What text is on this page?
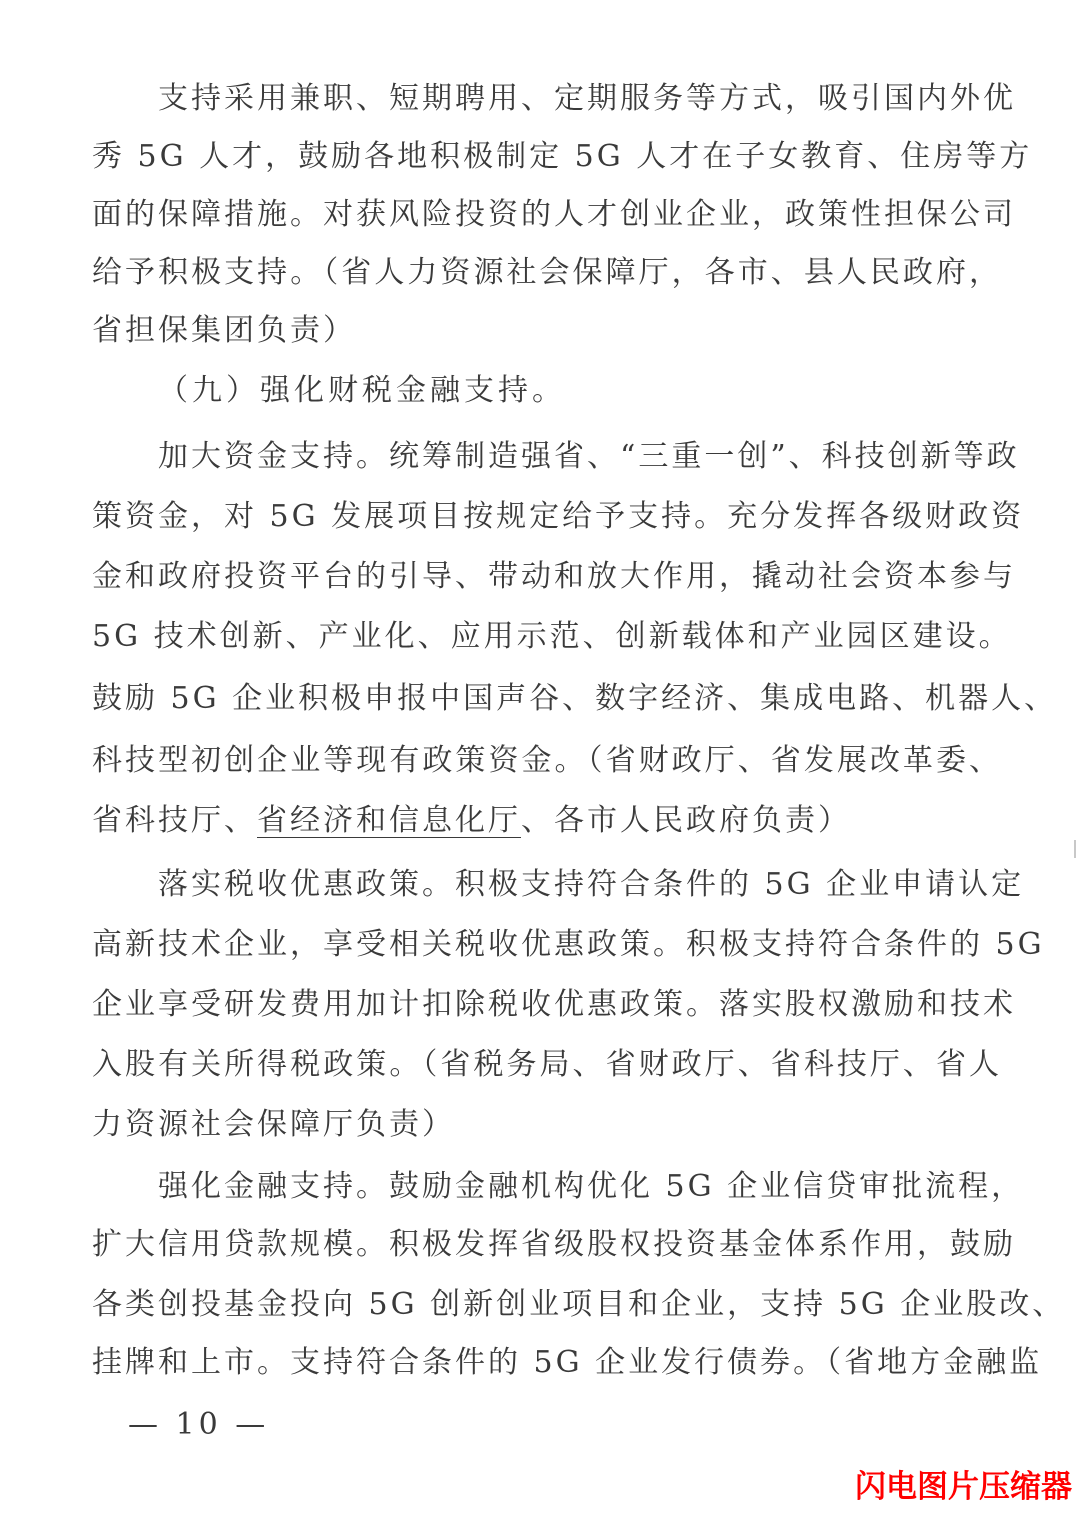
支持采用兼职、短期聘用、定期服务等方式，吸引国内外优
秀 5G 人才，鼓励各地积极制定 5G 人才在子女教育、住房等方
面的保障措施。对获风险投资的人才创业企业，政策性担保公司
给予积极支持。（省人力资源社会保障厅，各市、县人民政府，
省担保集团负责）
（九）强化财税金融支持。
加大资金支持。统筹制造强省、“三重一创”、科技创新等政
策资金，对 5G 发展项目按规定给予支持。充分发挥各级财政资
金和政府投资平台的引导、带动和放大作用，撬动社会资本参与
5G 技术创新、产业化、应用示范、创新载体和产业园区建设。
鼓励 5G 企业积极申报中国声谷、数字经济、集成电路、机器人、
科技型初创企业等现有政策资金。（省财政厅、省发展改革委、
省科技厅、省经济和信息化厅、各市人民政府负责）
落实税收优惠政策。积极支持符合条件的 5G 企业申请认定
高新技术企业，享受相关税收优惠政策。积极支持符合条件的 5G
企业享受研发费用加计扣除税收优惠政策。落实股权激励和技术
入股有关所得税政策。（省税务局、省财政厅、省科技厅、省人
力资源社会保障厅负责）
强化金融支持。鼓励金融机构优化 5G 企业信贷审批流程，
扩大信用贷款规模。积极发挥省级股权投资基金体系作用，鼓励
各类创投基金投向 5G 创新创业项目和企业，支持 5G 企业股改、
挂牌和上市。支持符合条件的 5G 企业发行债券。（省地方金融监
— 10 —
闪电图片压缩器
